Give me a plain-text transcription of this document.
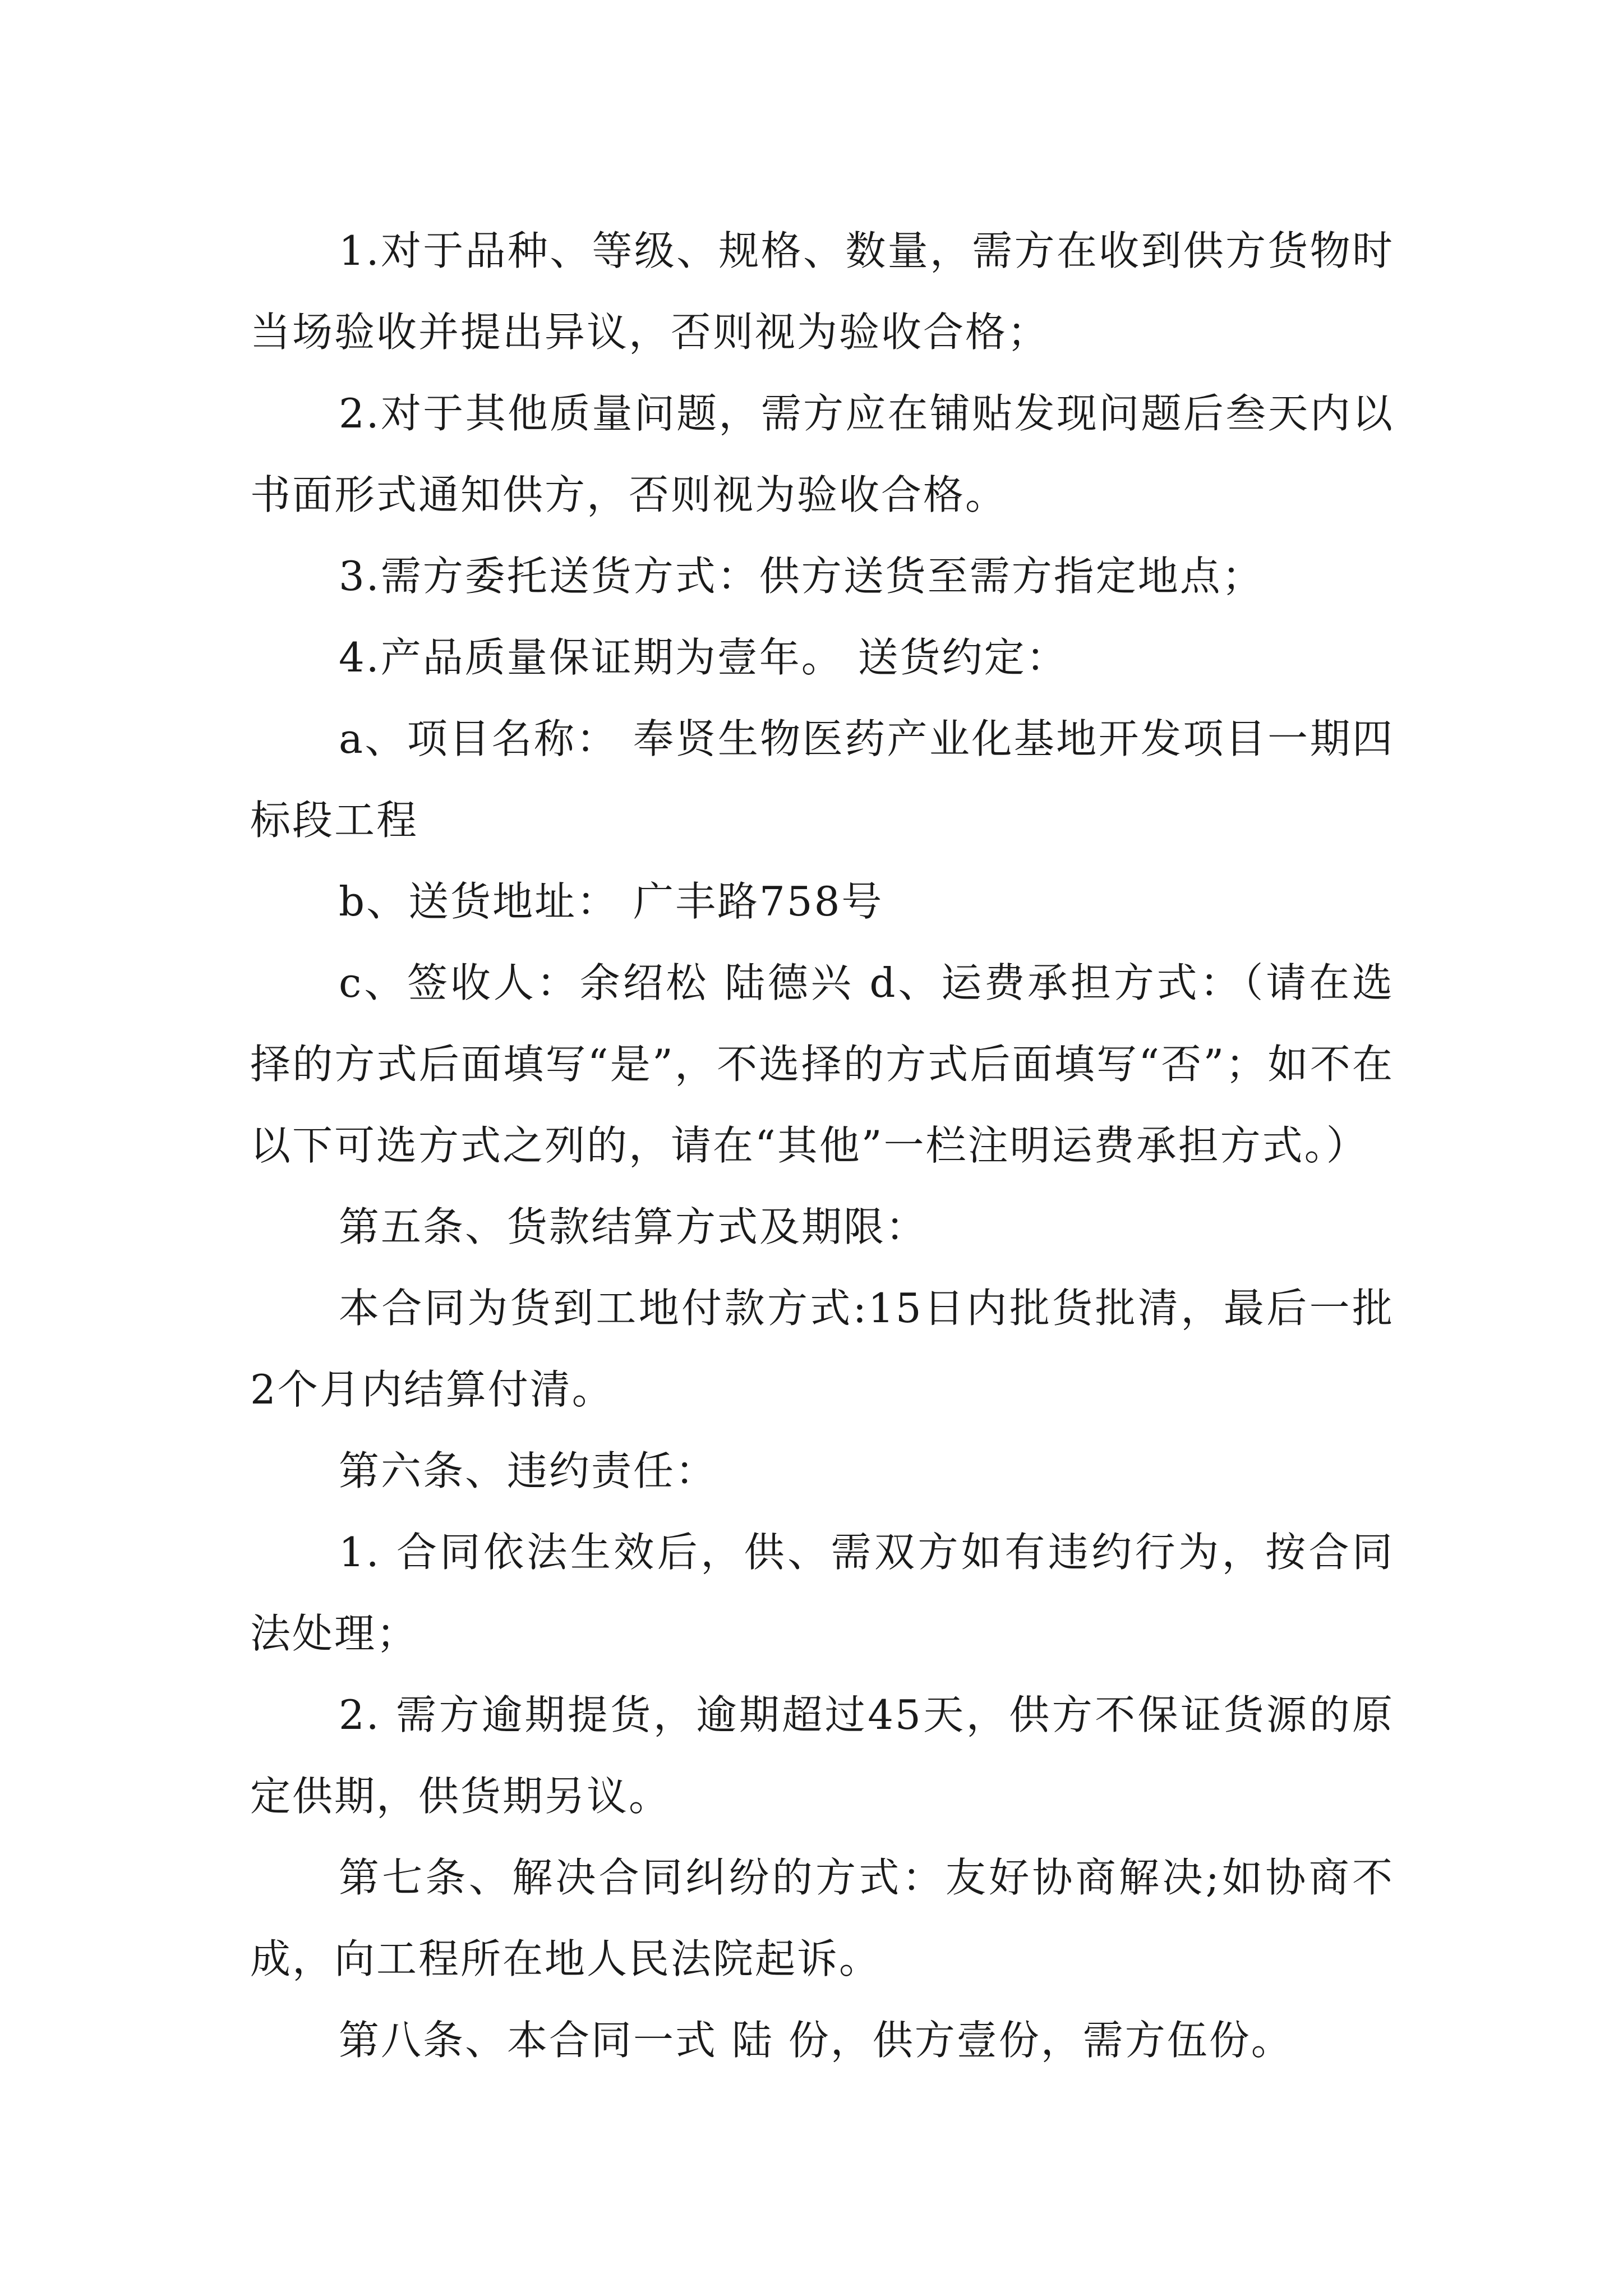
1.对于品种、等级、规格、数量，需方在收到供方货物时当场验收并提出异议，否则视为验收合格；

2.对于其他质量问题，需方应在铺贴发现问题后叁天内以书面形式通知供方，否则视为验收合格。

3.需方委托送货方式：供方送货至需方指定地点；

4.产品质量保证期为壹年。 送货约定：

a、项目名称： 奉贤生物医药产业化基地开发项目一期四标段工程

b、送货地址： 广丰路758号

c、签收人：余绍松 陆德兴 d、运费承担方式：（请在选择的方式后面填写“是”，不选择的方式后面填写“否”；如不在以下可选方式之列的，请在“其他”一栏注明运费承担方式。）

第五条、货款结算方式及期限：

本合同为货到工地付款方式:15日内批货批清，最后一批2个月内结算付清。

第六条、违约责任：

1. 合同依法生效后，供、需双方如有违约行为，按合同法处理；

2. 需方逾期提货，逾期超过45天，供方不保证货源的原定供期，供货期另议。

第七条、解决合同纠纷的方式：友好协商解决;如协商不成，向工程所在地人民法院起诉。

第八条、本合同一式 陆 份，供方壹份，需方伍份。
